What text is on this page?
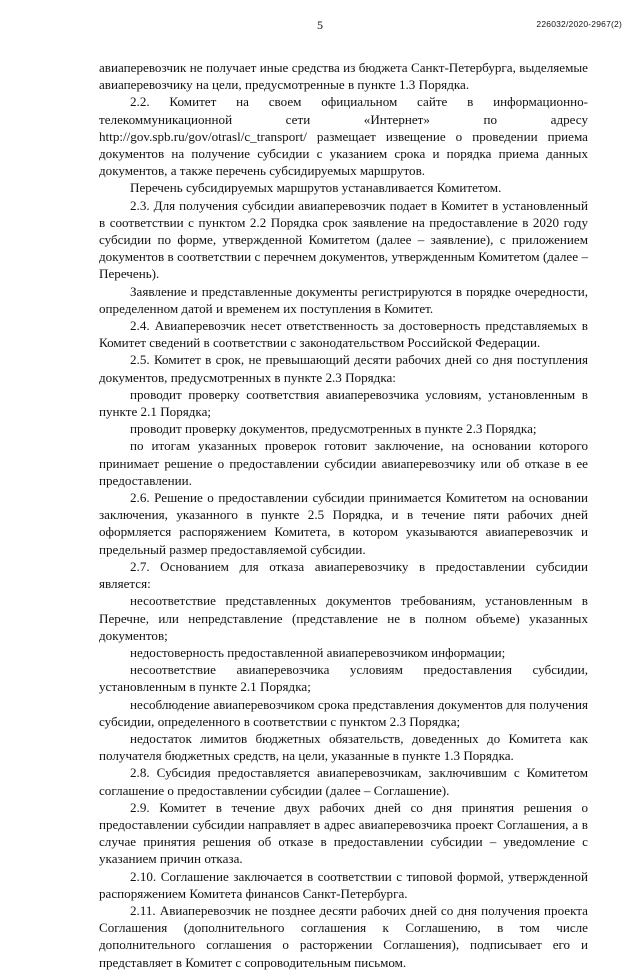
5	226032/2020-2967(2)

авиаперевозчик не получает иные средства из бюджета Санкт-Петербурга, выделяемые авиаперевозчику на цели, предусмотренные в пункте 1.3 Порядка.

2.2. Комитет на своем официальном сайте в информационно-телекоммуникационной сети «Интернет» по адресу http://gov.spb.ru/gov/otrasl/c_transport/ размещает извещение о проведении приема документов на получение субсидии с указанием срока и порядка приема данных документов, а также перечень субсидируемых маршрутов.

Перечень субсидируемых маршрутов устанавливается Комитетом.

2.3. Для получения субсидии авиаперевозчик подает в Комитет в установленный в соответствии с пунктом 2.2 Порядка срок заявление на предоставление в 2020 году субсидии по форме, утвержденной Комитетом (далее – заявление), с приложением документов в соответствии с перечнем документов, утвержденным Комитетом (далее – Перечень).

Заявление и представленные документы регистрируются в порядке очередности, определенном датой и временем их поступления в Комитет.

2.4. Авиаперевозчик несет ответственность за достоверность представляемых в Комитет сведений в соответствии с законодательством Российской Федерации.

2.5. Комитет в срок, не превышающий десяти рабочих дней со дня поступления документов, предусмотренных в пункте 2.3 Порядка:

проводит проверку соответствия авиаперевозчика условиям, установленным в пункте 2.1 Порядка;

проводит проверку документов, предусмотренных в пункте 2.3 Порядка;

по итогам указанных проверок готовит заключение, на основании которого принимает решение о предоставлении субсидии авиаперевозчику или об отказе в ее предоставлении.

2.6. Решение о предоставлении субсидии принимается Комитетом на основании заключения, указанного в пункте 2.5 Порядка, и в течение пяти рабочих дней оформляется распоряжением Комитета, в котором указываются авиаперевозчик и предельный размер предоставляемой субсидии.

2.7. Основанием для отказа авиаперевозчику в предоставлении субсидии является:

несоответствие представленных документов требованиям, установленным в Перечне, или непредставление (представление не в полном объеме) указанных документов;

недостоверность предоставленной авиаперевозчиком информации;

несоответствие авиаперевозчика условиям предоставления субсидии, установленным в пункте 2.1 Порядка;

несоблюдение авиаперевозчиком срока представления документов для получения субсидии, определенного в соответствии с пунктом 2.3 Порядка;

недостаток лимитов бюджетных обязательств, доведенных до Комитета как получателя бюджетных средств, на цели, указанные в пункте 1.3 Порядка.

2.8. Субсидия предоставляется авиаперевозчикам, заключившим с Комитетом соглашение о предоставлении субсидии (далее – Соглашение).

2.9. Комитет в течение двух рабочих дней со дня принятия решения о предоставлении субсидии направляет в адрес авиаперевозчика проект Соглашения, а в случае принятия решения об отказе в предоставлении субсидии – уведомление с указанием причин отказа.

2.10. Соглашение заключается в соответствии с типовой формой, утвержденной распоряжением Комитета финансов Санкт-Петербурга.

2.11. Авиаперевозчик не позднее десяти рабочих дней со дня получения проекта Соглашения (дополнительного соглашения к Соглашению, в том числе дополнительного соглашения о расторжении Соглашения), подписывает его и представляет в Комитет с сопроводительным письмом.
